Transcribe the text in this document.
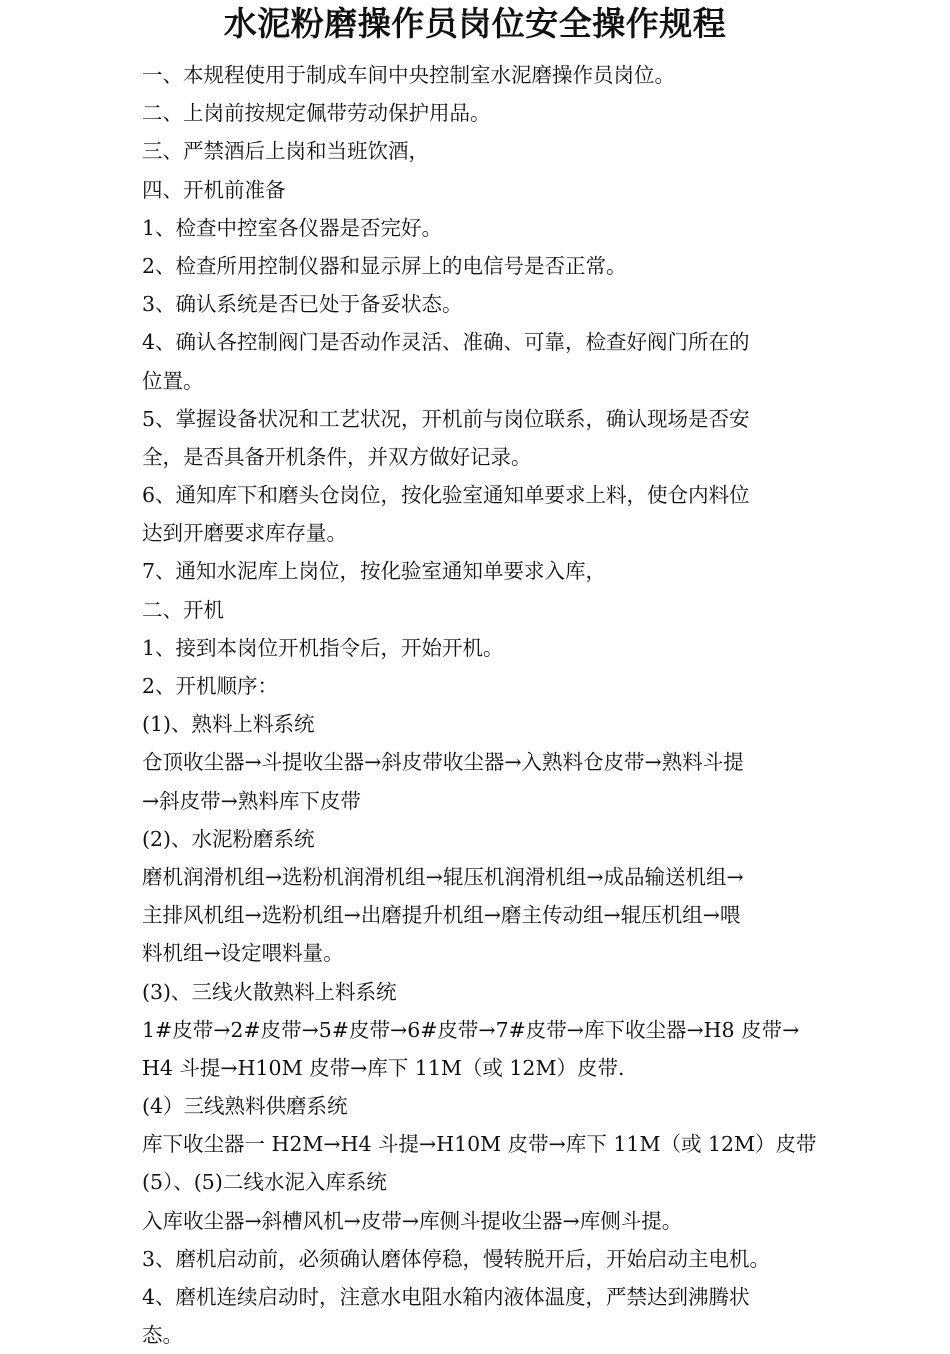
水泥粉磨操作员岗位安全操作规程
一、本规程使用于制成车间中央控制室水泥磨操作员岗位。
二、上岗前按规定佩带劳动保护用品。
三、严禁酒后上岗和当班饮酒，
四、开机前准备
1、检查中控室各仪器是否完好。
2、检查所用控制仪器和显示屏上的电信号是否正常。
3、确认系统是否已处于备妥状态。
4、确认各控制阀门是否动作灵活、准确、可靠，检查好阀门所在的
位置。
5、掌握设备状况和工艺状况，开机前与岗位联系，确认现场是否安
全，是否具备开机条件，并双方做好记录。
6、通知库下和磨头仓岗位，按化验室通知单要求上料，使仓内料位
达到开磨要求库存量。
7、通知水泥库上岗位，按化验室通知单要求入库，
二、开机
1、接到本岗位开机指令后，开始开机。
2、开机顺序：
(1)、熟料上料系统
仓顶收尘器→斗提收尘器→斜皮带收尘器→入熟料仓皮带→熟料斗提
→斜皮带→熟料库下皮带
(2)、水泥粉磨系统
磨机润滑机组→选粉机润滑机组→辊压机润滑机组→成品输送机组→
主排风机组→选粉机组→出磨提升机组→磨主传动组→辊压机组→喂
料机组→设定喂料量。
(3)、三线火散熟料上料系统
1#皮带→2#皮带→5#皮带→6#皮带→7#皮带→库下收尘器→H8 皮带→
H4 斗提→H10M 皮带→库下 11M（或 12M）皮带.
(4）三线熟料供磨系统
库下收尘器一 H2M→H4 斗提→H10M 皮带→库下 11M（或 12M）皮带
(5）、(5)二线水泥入库系统
入库收尘器→斜槽风机→皮带→库侧斗提收尘器→库侧斗提。
3、磨机启动前，必须确认磨体停稳，慢转脱开后，开始启动主电机。
4、磨机连续启动时，注意水电阻水箱内液体温度，严禁达到沸腾状
态。
